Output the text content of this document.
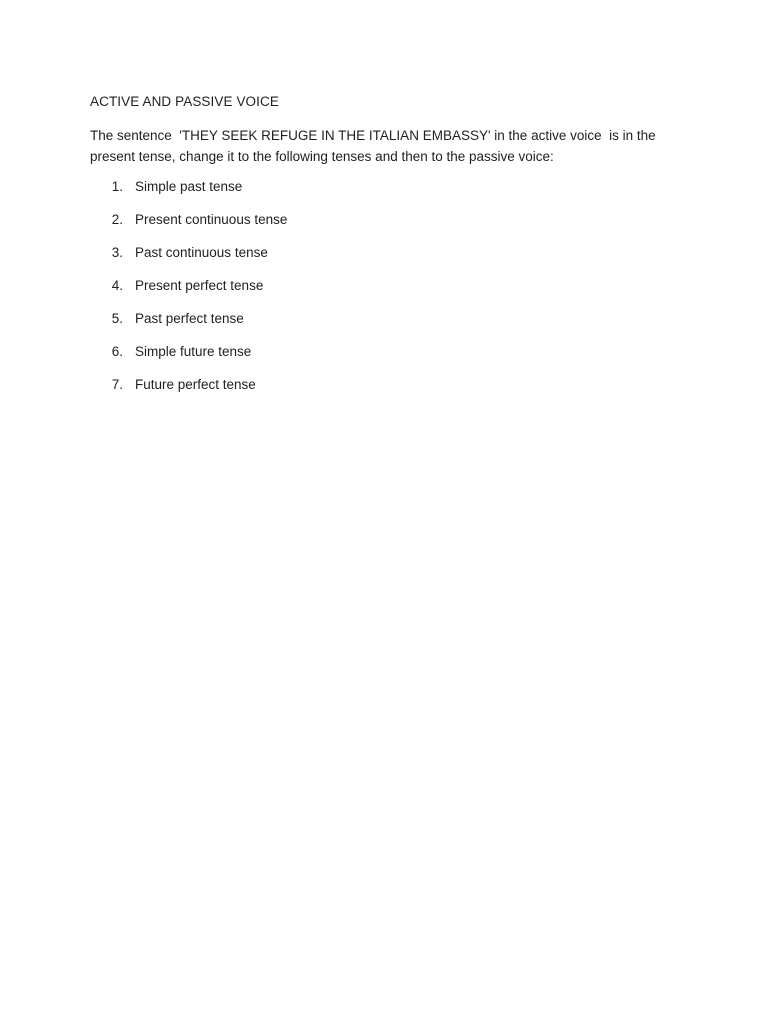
ACTIVE AND PASSIVE VOICE
The sentence  'THEY SEEK REFUGE IN THE ITALIAN EMBASSY' in the active voice  is in the present tense, change it to the following tenses and then to the passive voice:
1. Simple past tense
2. Present continuous tense
3. Past continuous tense
4. Present perfect tense
5. Past perfect tense
6. Simple future tense
7. Future perfect tense
